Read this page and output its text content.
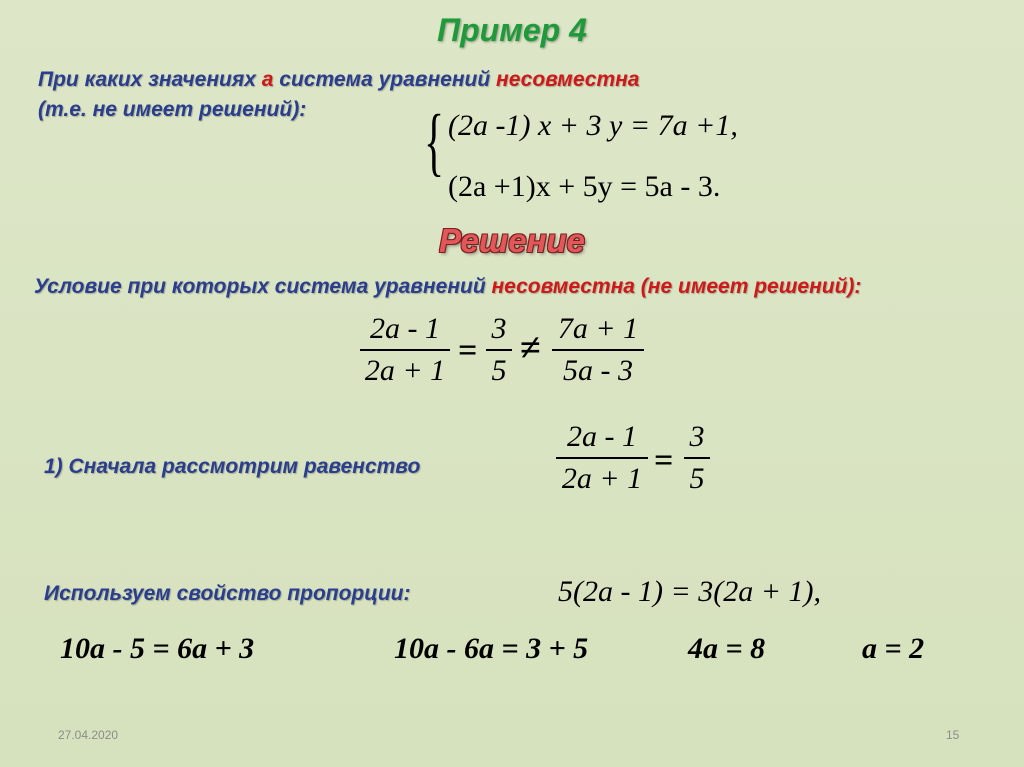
Пример 4
При каких значениях а система уравнений несовместна
(т.е. не имеет решений): { (2a -1) x + 3 y = 7a +1,
(2a +1)x + 5y = 5a - 3.
Решение
Условие при которых система уравнений несовместна (не имеет решений):
2a - 1
2a + 1
=
3
5
≠ 7a + 1
5a - 3
1) Сначала рассмотрим равенство
2a - 1
2a + 1 =
3
5
Используем свойство пропорции:	5(2a - 1) = 3(2a + 1),
10a - 5 = 6a + 3	10a - 6a = 3 + 5	4a = 8	a = 2
27.04.2020	15
